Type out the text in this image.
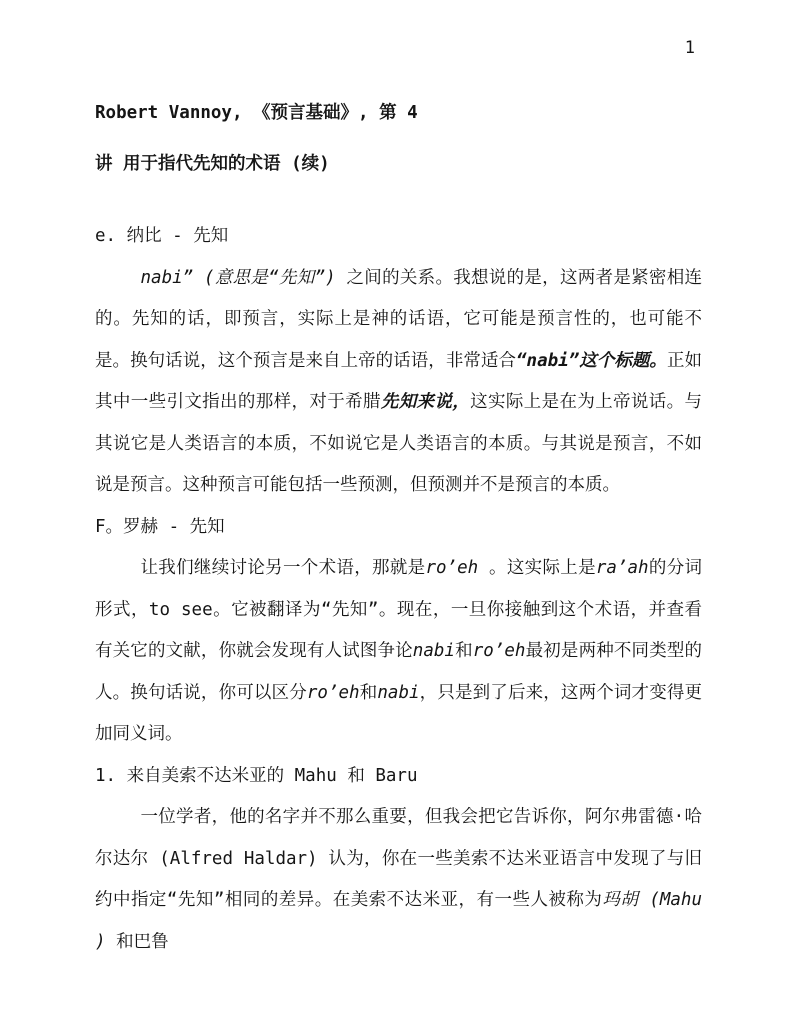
1

Robert Vannoy, 《预言基础》, 第 4

讲 用于指代先知的术语 (续)

e. 纳比 - 先知

nabi” (意思是“先知”) 之间的关系。我想说的是，这两者是紧密相连的。先知的话，即预言，实际上是神的话语，它可能是预言性的，也可能不是。换句话说，这个预言是来自上帝的话语，非常适合“nabi”这个标题。正如其中一些引文指出的那样，对于希腊先知来说，这实际上是在为上帝说话。与其说它是人类语言的本质，不如说它是人类语言的本质。与其说是预言，不如说是预言。这种预言可能包括一些预测，但预测并不是预言的本质。

F。罗赫 - 先知

让我们继续讨论另一个术语，那就是ro’eh 。这实际上是ra’ah的分词形式，to see。它被翻译为“先知”。现在，一旦你接触到这个术语，并查看有关它的文献，你就会发现有人试图争论nabi和ro’eh最初是两种不同类型的人。换句话说，你可以区分ro’eh和nabi，只是到了后来，这两个词才变得更加同义词。

1. 来自美索不达米亚的 Mahu 和 Baru

一位学者，他的名字并不那么重要，但我会把它告诉你，阿尔弗雷德·哈尔达尔 (Alfred Haldar) 认为，你在一些美索不达米亚语言中发现了与旧约中指定“先知”相同的差异。在美索不达米亚，有一些人被称为玛胡 (Mahu ) 和巴鲁
